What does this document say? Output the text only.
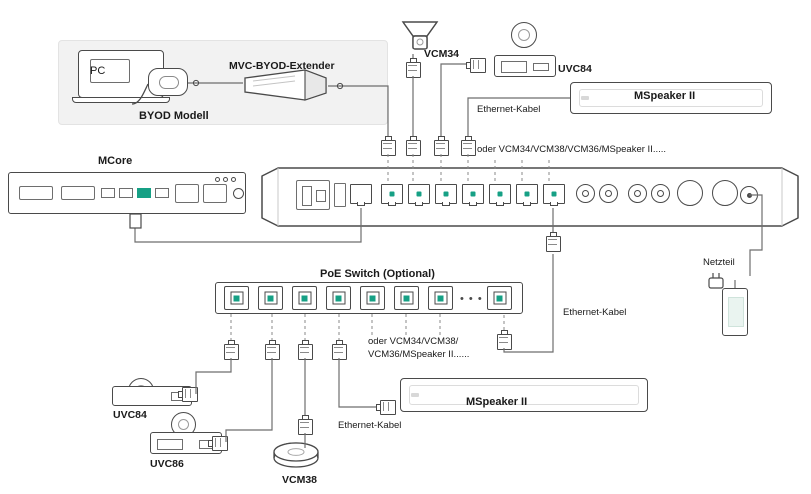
PC	MVC-BYOD-Extender
BYOD Modell
VCM34
UVC84
MSpeaker II
Ethernet-Kabel
oder VCM34/VCM38/VCM36/MSpeaker II.....
MCore
PoE Switch (Optional)
• • •
oder VCM34/VCM38/
VCM36/MSpeaker II......
Ethernet-Kabel
Netzteil
UVC84
UVC86
VCM38
MSpeaker II
Ethernet-Kabel
